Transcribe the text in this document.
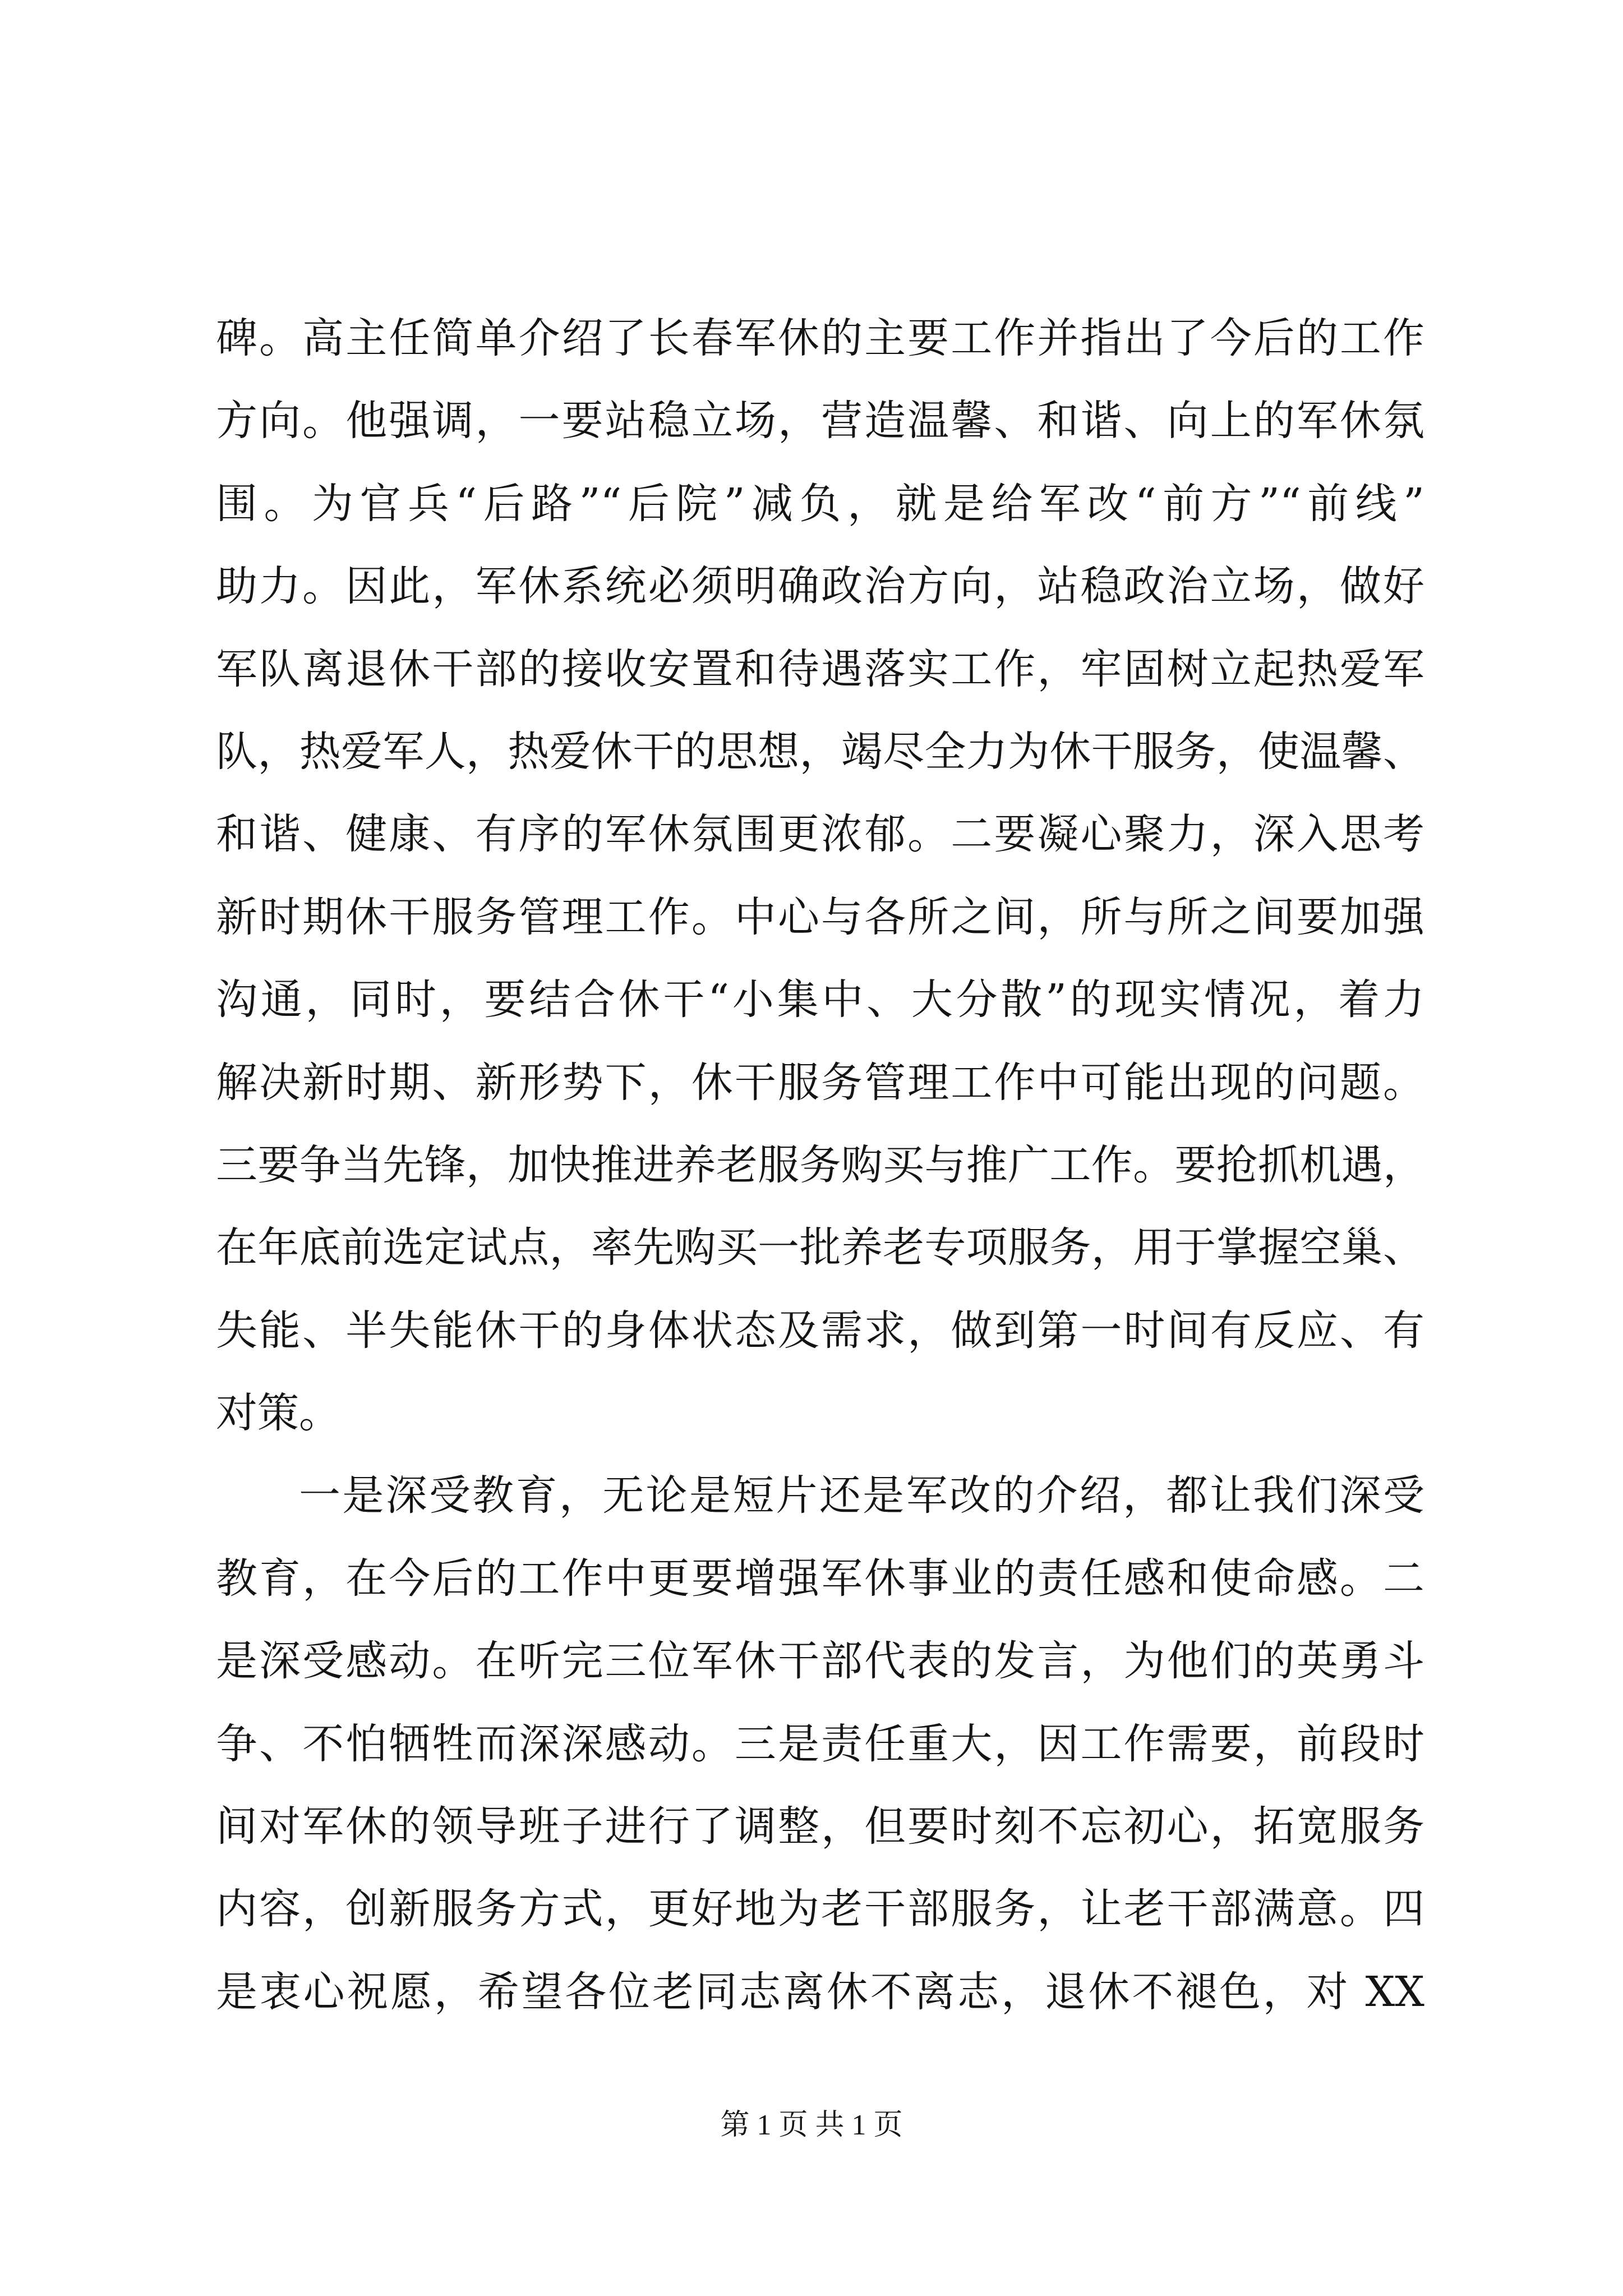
碑。高主任简单介绍了长春军休的主要工作并指出了今后的工作
方向。他强调，一要站稳立场，营造温馨、和谐、向上的军休氛
围。为官兵“后路”“后院”减负，就是给军改“前方”“前线”
助力。因此，军休系统必须明确政治方向，站稳政治立场，做好
军队离退休干部的接收安置和待遇落实工作，牢固树立起热爱军
队，热爱军人，热爱休干的思想，竭尽全力为休干服务，使温馨、
和谐、健康、有序的军休氛围更浓郁。二要凝心聚力，深入思考
新时期休干服务管理工作。中心与各所之间，所与所之间要加强
沟通，同时，要结合休干“小集中、大分散”的现实情况，着力
解决新时期、新形势下，休干服务管理工作中可能出现的问题。
三要争当先锋，加快推进养老服务购买与推广工作。要抢抓机遇，
在年底前选定试点，率先购买一批养老专项服务，用于掌握空巢、
失能、半失能休干的身体状态及需求，做到第一时间有反应、有
对策。
一是深受教育，无论是短片还是军改的介绍，都让我们深受
教育，在今后的工作中更要增强军休事业的责任感和使命感。二
是深受感动。在听完三位军休干部代表的发言，为他们的英勇斗
争、不怕牺牲而深深感动。三是责任重大，因工作需要，前段时
间对军休的领导班子进行了调整，但要时刻不忘初心，拓宽服务
内容，创新服务方式，更好地为老干部服务，让老干部满意。四
是衷心祝愿，希望各位老同志离休不离志，退休不褪色，对 XX
第 1 页 共 1 页
